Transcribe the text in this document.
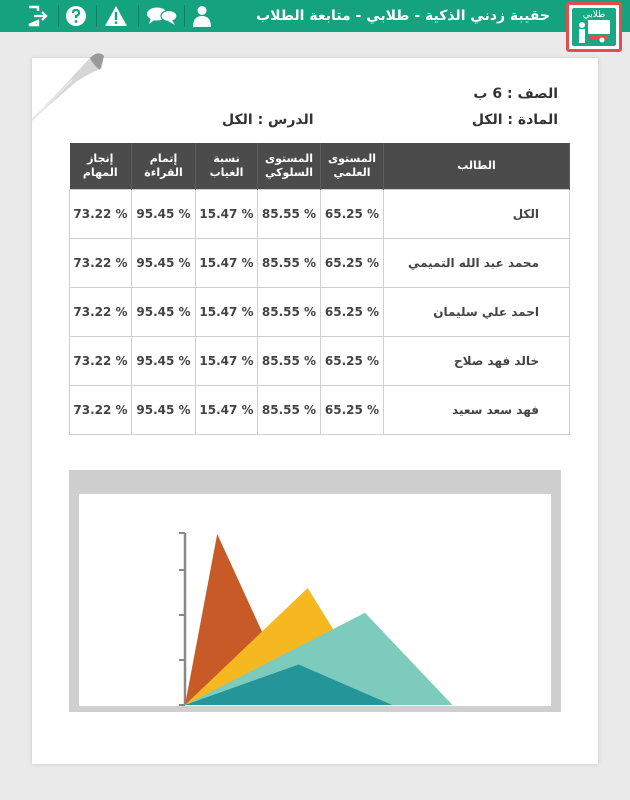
حقيبة زدني الذكية - طلابي - متابعة الطلاب	طلابي
الصف : 6 ب
المادة : الكل
الدرس : الكل
إنجاز المهام	إتمام القراءة	نسبة الغياب	المستوى السلوكي	المستوى العلمي	الطالب
73.22 %	95.45 %	15.47 %	85.55 %	65.25 %	الكل
73.22 %	95.45 %	15.47 %	85.55 %	65.25 %	محمد عبد الله التميمي
73.22 %	95.45 %	15.47 %	85.55 %	65.25 %	احمد علي سليمان
73.22 %	95.45 %	15.47 %	85.55 %	65.25 %	خالد فهد صلاح
73.22 %	95.45 %	15.47 %	85.55 %	65.25 %	فهد سعد سعيد
